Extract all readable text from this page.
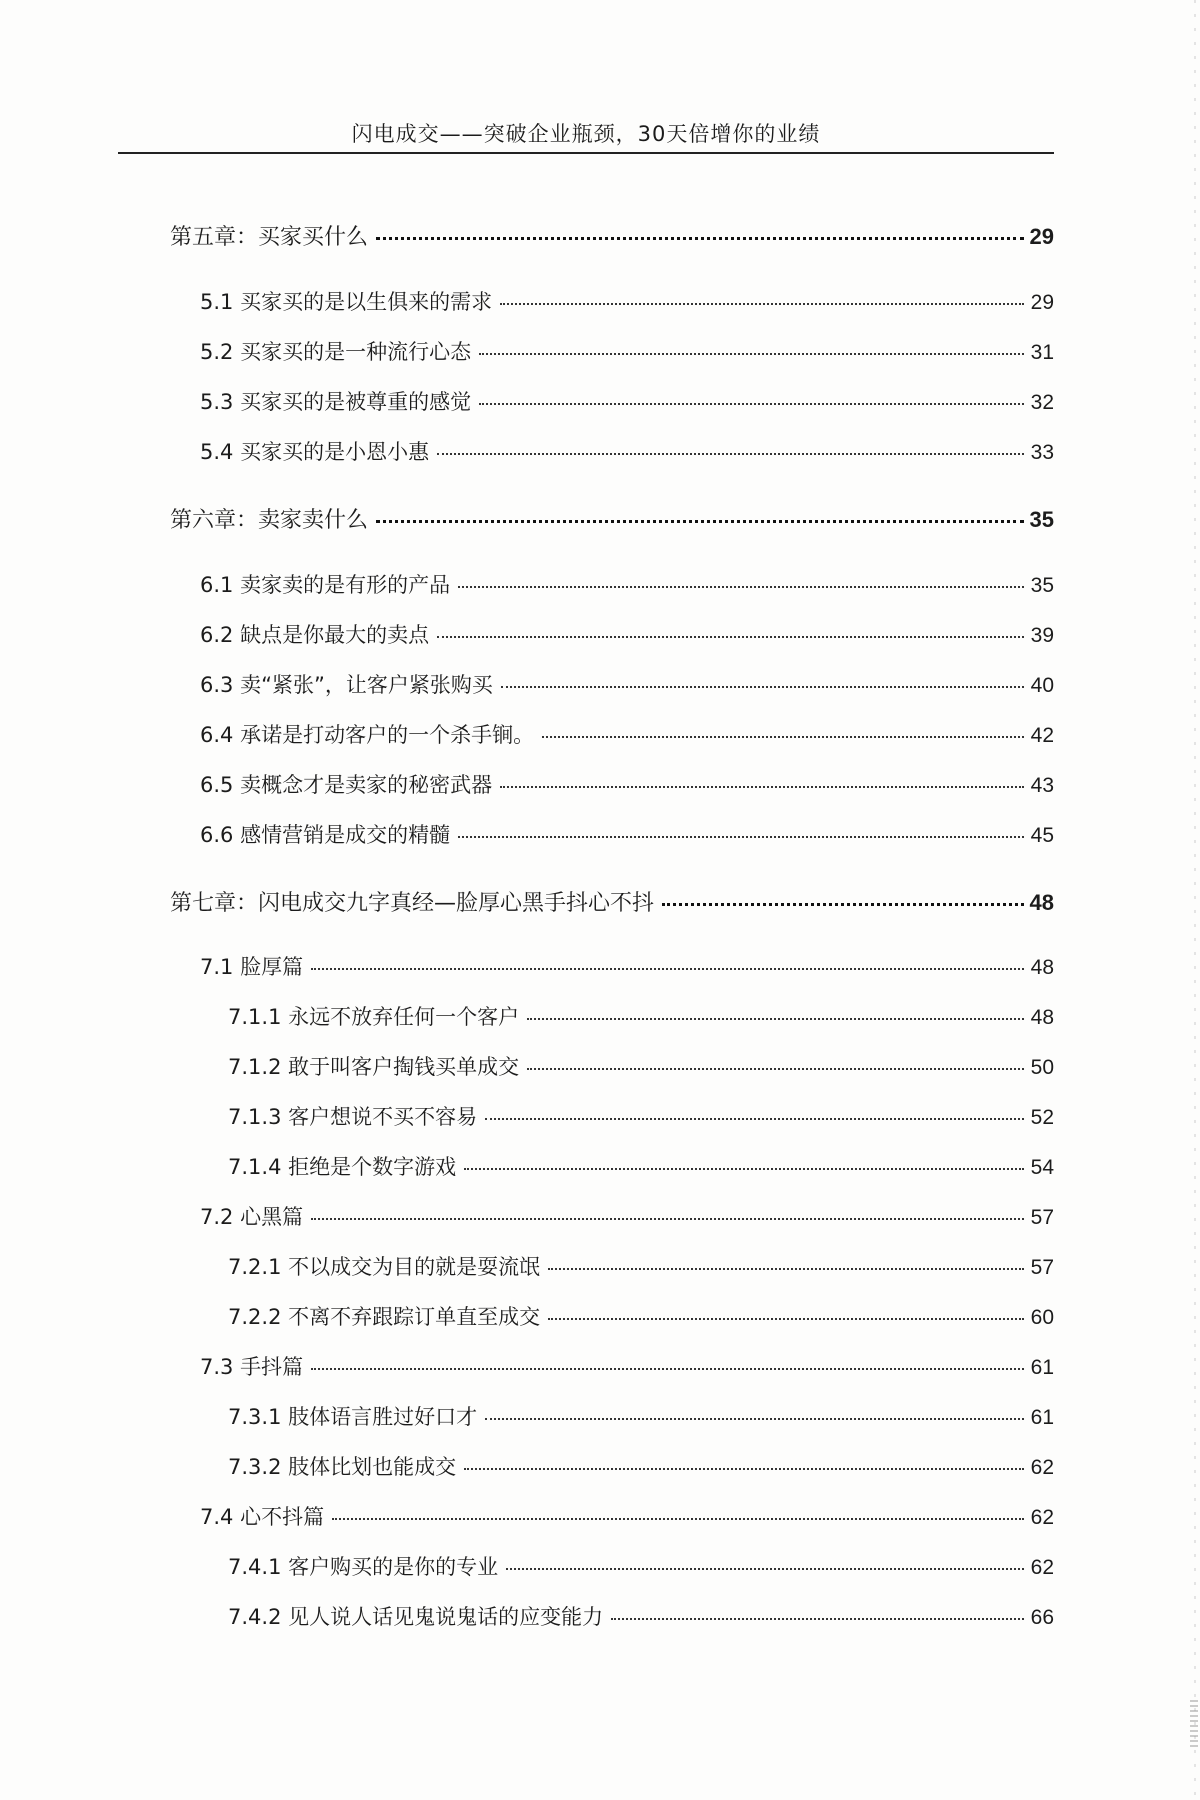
闪电成交——突破企业瓶颈，30天倍增你的业绩
第五章：买家买什么	29
5.1 买家买的是以生俱来的需求	29
5.2 买家买的是一种流行心态	31
5.3 买家买的是被尊重的感觉	32
5.4 买家买的是小恩小惠	33
第六章：卖家卖什么	35
6.1 卖家卖的是有形的产品	35
6.2 缺点是你最大的卖点	39
6.3 卖“紧张”，让客户紧张购买	40
6.4 承诺是打动客户的一个杀手锏。	42
6.5 卖概念才是卖家的秘密武器	43
6.6 感情营销是成交的精髓	45
第七章：闪电成交九字真经—脸厚心黑手抖心不抖	48
7.1 脸厚篇	48
7.1.1 永远不放弃任何一个客户	48
7.1.2 敢于叫客户掏钱买单成交	50
7.1.3 客户想说不买不容易	52
7.1.4 拒绝是个数字游戏	54
7.2 心黑篇	57
7.2.1 不以成交为目的就是耍流氓	57
7.2.2 不离不弃跟踪订单直至成交	60
7.3 手抖篇	61
7.3.1 肢体语言胜过好口才	61
7.3.2 肢体比划也能成交	62
7.4 心不抖篇	62
7.4.1 客户购买的是你的专业	62
7.4.2 见人说人话见鬼说鬼话的应变能力	66
